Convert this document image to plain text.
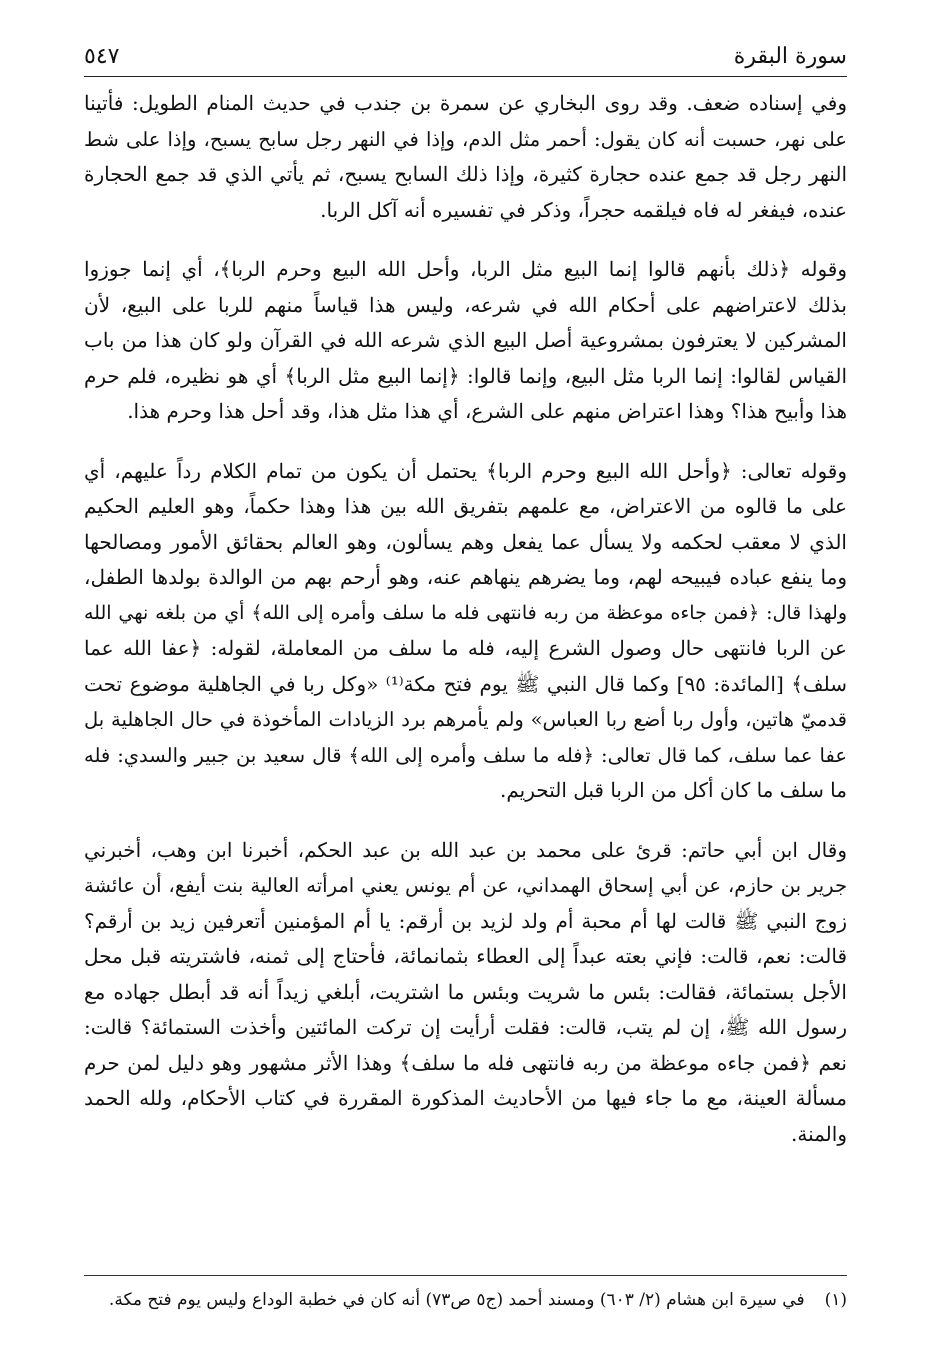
٥٤٧	سورة البقرة
وفي إسناده ضعف. وقد روى البخاري عن سمرة بن جندب في حديث المنام الطويل: فأتينا
على نهر، حسبت أنه كان يقول: أحمر مثل الدم، وإذا في النهر رجل سابح يسبح، وإذا على شط
النهر رجل قد جمع عنده حجارة كثيرة، وإذا ذلك السابح يسبح، ثم يأتي الذي قد جمع الحجارة
عنده، فيفغر له فاه فيلقمه حجراً، وذكر في تفسيره أنه آكل الربا.
وقوله ﴿ذلك بأنهم قالوا إنما البيع مثل الربا، وأحل الله البيع وحرم الربا﴾، أي إنما جوزوا
بذلك لاعتراضهم على أحكام الله في شرعه، وليس هذا قياساً منهم للربا على البيع، لأن
المشركين لا يعترفون بمشروعية أصل البيع الذي شرعه الله في القرآن ولو كان هذا من باب
القياس لقالوا: إنما الربا مثل البيع، وإنما قالوا: ﴿إنما البيع مثل الربا﴾ أي هو نظيره، فلم حرم
هذا وأبيح هذا؟ وهذا اعتراض منهم على الشرع، أي هذا مثل هذا، وقد أحل هذا وحرم هذا.
وقوله تعالى: ﴿وأحل الله البيع وحرم الربا﴾ يحتمل أن يكون من تمام الكلام رداً عليهم، أي
على ما قالوه من الاعتراض، مع علمهم بتفريق الله بين هذا وهذا حكماً، وهو العليم الحكيم
الذي لا معقب لحكمه ولا يسأل عما يفعل وهم يسألون، وهو العالم بحقائق الأمور ومصالحها
وما ينفع عباده فيبيحه لهم، وما يضرهم ينهاهم عنه، وهو أرحم بهم من الوالدة بولدها الطفل،
ولهذا قال: ﴿فمن جاءه موعظة من ربه فانتهى فله ما سلف وأمره إلى الله﴾ أي من بلغه نهي الله
عن الربا فانتهى حال وصول الشرع إليه، فله ما سلف من المعاملة، لقوله: ﴿عفا الله عما
سلف﴾ [المائدة: ٩٥] وكما قال النبي ﷺ يوم فتح مكة⁽¹⁾ «وكل ربا في الجاهلية موضوع تحت
قدميّ هاتين، وأول ربا أضع ربا العباس» ولم يأمرهم برد الزيادات المأخوذة في حال الجاهلية بل
عفا عما سلف، كما قال تعالى: ﴿فله ما سلف وأمره إلى الله﴾ قال سعيد بن جبير والسدي: فله
ما سلف ما كان أكل من الربا قبل التحريم.
وقال ابن أبي حاتم: قرئ على محمد بن عبد الله بن عبد الحكم، أخبرنا ابن وهب، أخبرني
جرير بن حازم، عن أبي إسحاق الهمداني، عن أم يونس يعني امرأته العالية بنت أيفع، أن عائشة
زوج النبي ﷺ قالت لها أم محبة أم ولد لزيد بن أرقم: يا أم المؤمنين أتعرفين زيد بن أرقم؟
قالت: نعم، قالت: فإني بعته عبداً إلى العطاء بثمانمائة، فأحتاج إلى ثمنه، فاشتريته قبل محل
الأجل بستمائة، فقالت: بئس ما شريت وبئس ما اشتريت، أبلغي زيداً أنه قد أبطل جهاده مع
رسول الله ﷺ، إن لم يتب، قالت: فقلت أرأيت إن تركت المائتين وأخذت الستمائة؟ قالت:
نعم ﴿فمن جاءه موعظة من ربه فانتهى فله ما سلف﴾ وهذا الأثر مشهور وهو دليل لمن حرم
مسألة العينة، مع ما جاء فيها من الأحاديث المذكورة المقررة في كتاب الأحكام، ولله الحمد
والمنة.
(١)
في سيرة ابن هشام (٢/ ٦٠٣) ومسند أحمد (ج٥ ص٧٣) أنه كان في خطبة الوداع وليس يوم فتح مكة.
